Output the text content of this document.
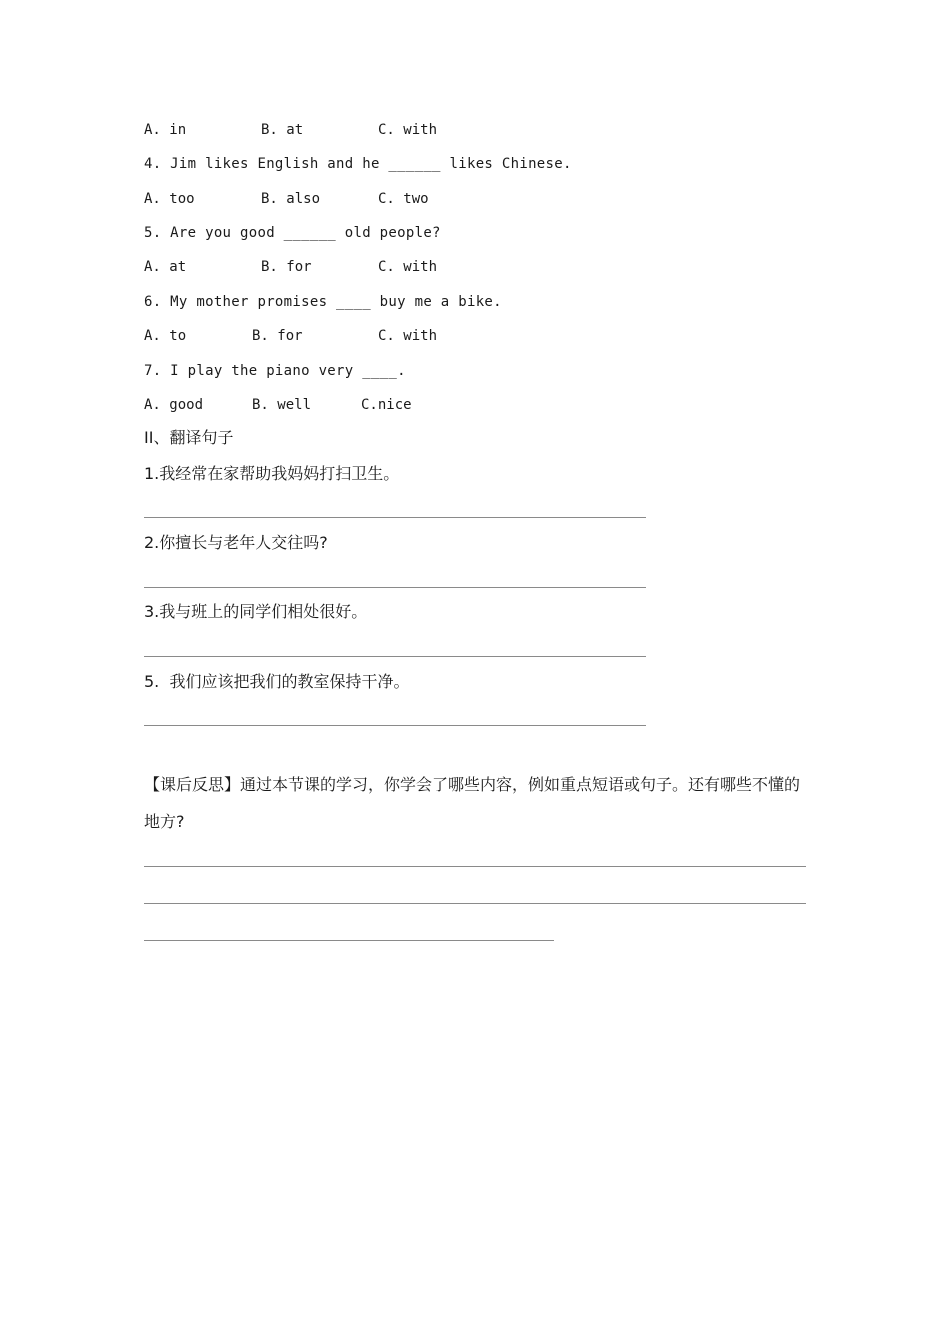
A. in	B. at	C. with
4. Jim likes English and he ______ likes Chinese.
A. too	B. also	C. two
5. Are you good ______ old people?
A. at	B. for	C. with
6. My mother promises ____ buy me a bike.
A. to	B. for	C. with
7. I play the piano very ____.
A. good	B. well	C.nice
II、翻译句子
1.我经常在家帮助我妈妈打扫卫生。
2.你擅长与老年人交往吗?
3.我与班上的同学们相处很好。
5.  我们应该把我们的教室保持干净。
【课后反思】通过本节课的学习，你学会了哪些内容，例如重点短语或句子。还有哪些不懂的地方?
